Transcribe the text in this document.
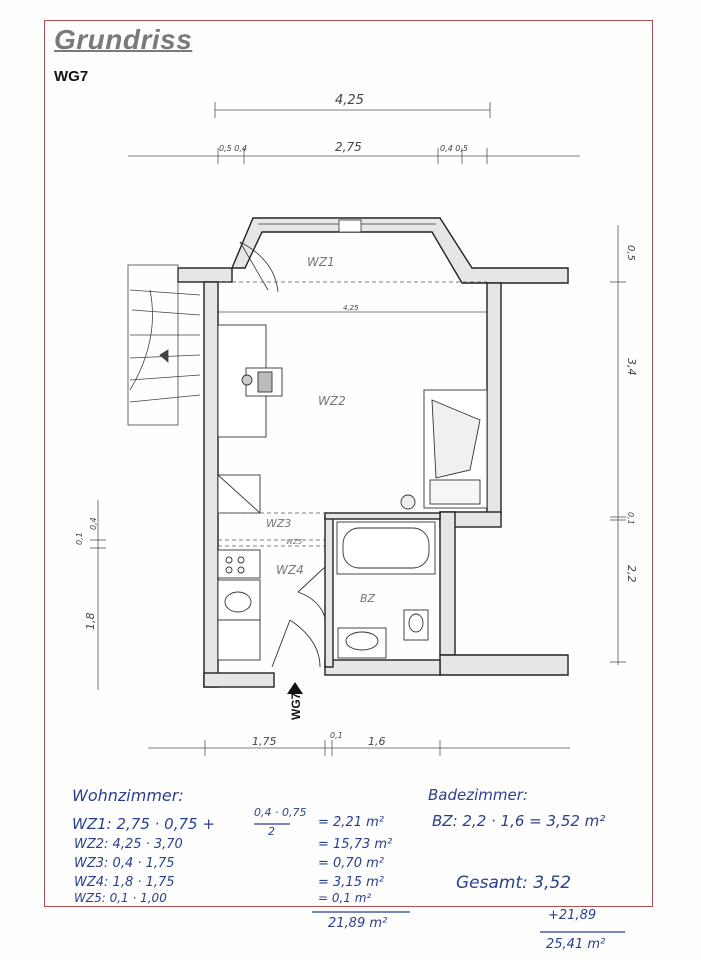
Grundriss
WG7
4,25
2,75
0,5 0,4	0,4 0,5
4,25
0,5
3,4
0,1
2,2
0,1
0,4
1,8
1,75	0,1 1,6
WZ1
WZ2
WZ3
WZ5
WZ4
BZ
WG7
Wohnzimmer:
WZ1: 2,75 · 0,75 +
0,4 · 0,75
2
= 2,21 m²
WZ2: 4,25 · 3,70	= 15,73 m²
WZ3: 0,4 · 1,75	= 0,70 m²
WZ4: 1,8 · 1,75	= 3,15 m²
WZ5: 0,1 · 1,00	= 0,1 m²
21,89 m²
Badezimmer:
BZ: 2,2 · 1,6 = 3,52 m²
Gesamt: 3,52
+21,89
25,41 m²
